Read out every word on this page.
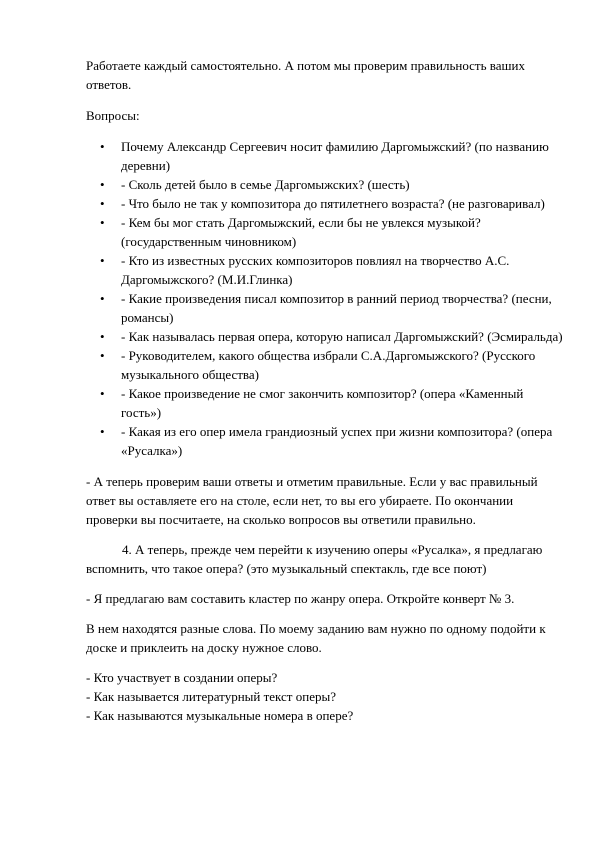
Работаете каждый самостоятельно. А потом мы проверим правильность ваших ответов.

Вопросы:

• Почему Александр Сергеевич носит фамилию Даргомыжский? (по названию деревни)
• - Сколь детей было в семье Даргомыжских? (шесть)
• - Что было не так у композитора до пятилетнего возраста? (не разговаривал)
• - Кем бы мог стать Даргомыжский, если бы не увлекся музыкой? (государственным чиновником)
• - Кто из известных русских композиторов повлиял на творчество А.С. Даргомыжского? (М.И.Глинка)
• - Какие произведения писал композитор в ранний период творчества? (песни, романсы)
• - Как называлась первая опера, которую написал Даргомыжский? (Эсмиральда)
• - Руководителем, какого общества избрали С.А.Даргомыжского? (Русского музыкального общества)
• - Какое произведение не смог закончить композитор? (опера «Каменный гость»)
• - Какая из его опер имела грандиозный успех при жизни композитора? (опера «Русалка»)

- А теперь проверим ваши ответы и отметим правильные. Если у вас правильный ответ вы оставляете его на столе, если нет, то вы его убираете. По окончании проверки вы посчитаете, на сколько вопросов вы ответили правильно.

4. А теперь, прежде чем перейти к изучению оперы «Русалка», я предлагаю вспомнить, что такое опера? (это музыкальный спектакль, где все поют)

- Я предлагаю вам составить кластер по жанру опера. Откройте конверт № 3.

В нем находятся разные слова. По моему заданию вам нужно по одному подойти к доске и приклеить на доску нужное слово.

- Кто участвует в создании оперы?

- Как называется литературный текст оперы?

- Как называются музыкальные номера в опере?
